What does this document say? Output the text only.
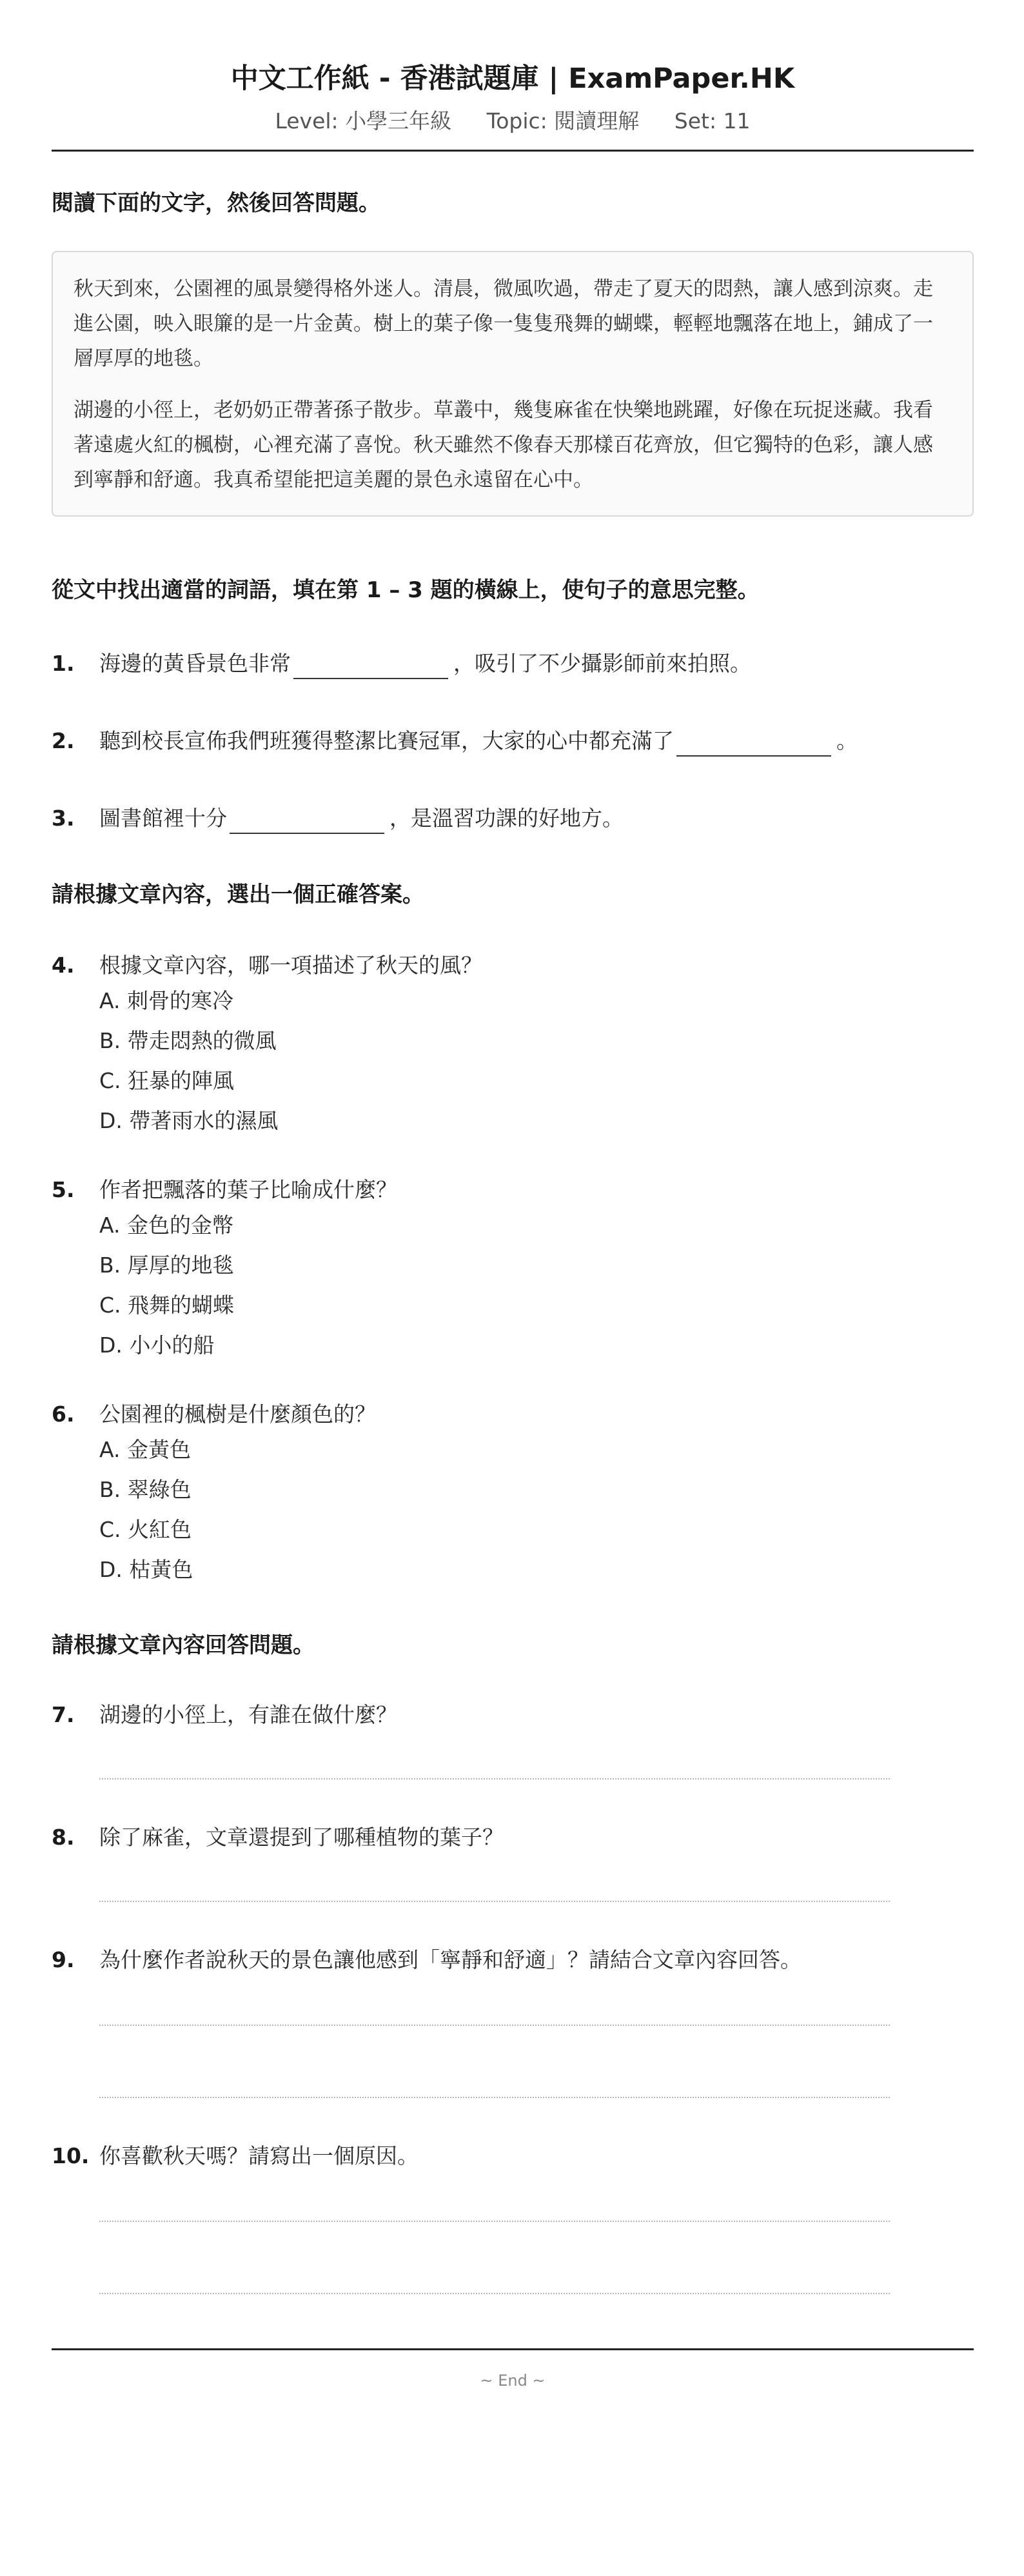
中文工作紙 - 香港試題庫 | ExamPaper.HK
Level: 小學三年級 Topic: 閱讀理解 Set: 11
閱讀下面的文字，然後回答問題。

秋天到來，公園裡的風景變得格外迷人。清晨，微風吹過，帶走了夏天的悶熱，讓人感到涼爽。走進公園，映入眼簾的是一片金黃。樹上的葉子像一隻隻飛舞的蝴蝶，輕輕地飄落在地上，鋪成了一層厚厚的地毯。

湖邊的小徑上，老奶奶正帶著孫子散步。草叢中，幾隻麻雀在快樂地跳躍，好像在玩捉迷藏。我看著遠處火紅的楓樹，心裡充滿了喜悅。秋天雖然不像春天那樣百花齊放，但它獨特的色彩，讓人感到寧靜和舒適。我真希望能把這美麗的景色永遠留在心中。

從文中找出適當的詞語，填在第 1 – 3 題的橫線上，使句子的意思完整。
1.	海邊的黃昏景色非常	，吸引了不少攝影師前來拍照。
2.	聽到校長宣佈我們班獲得整潔比賽冠軍，大家的心中都充滿了	。
3.	圖書館裡十分	，是溫習功課的好地方。
請根據文章內容，選出一個正確答案。
4.	根據文章內容，哪一項描述了秋天的風？
A. 刺骨的寒冷
B. 帶走悶熱的微風
C. 狂暴的陣風
D. 帶著雨水的濕風
5.	作者把飄落的葉子比喻成什麼？
A. 金色的金幣
B. 厚厚的地毯
C. 飛舞的蝴蝶
D. 小小的船
6.	公園裡的楓樹是什麼顏色的？
A. 金黃色
B. 翠綠色
C. 火紅色
D. 枯黃色
請根據文章內容回答問題。
7.	湖邊的小徑上，有誰在做什麼？
8.	除了麻雀，文章還提到了哪種植物的葉子？
9.	為什麼作者說秋天的景色讓他感到「寧靜和舒適」？請結合文章內容回答。
10. 你喜歡秋天嗎？請寫出一個原因。
~ End ~
